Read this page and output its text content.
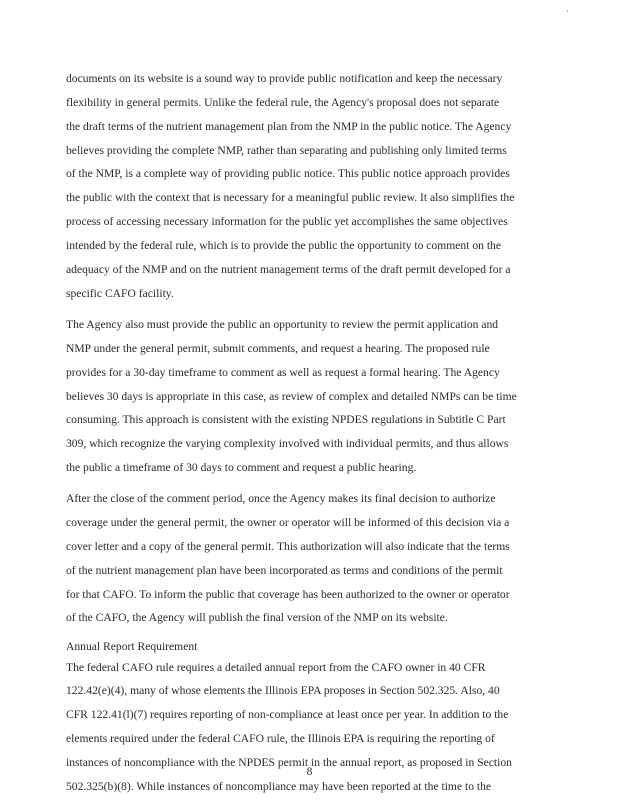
·
documents on its website is a sound way to provide public notification and keep the necessary
flexibility in general permits. Unlike the federal rule, the Agency's proposal does not separate
the draft terms of the nutrient management plan from the NMP in the public notice. The Agency
believes providing the complete NMP, rather than separating and publishing only limited terms
of the NMP, is a complete way of providing public notice. This public notice approach provides
the public with the context that is necessary for a meaningful public review. It also simplifies the
process of accessing necessary information for the public yet accomplishes the same objectives
intended by the federal rule, which is to provide the public the opportunity to comment on the
adequacy of the NMP and on the nutrient management terms of the draft permit developed for a
specific CAFO facility.
The Agency also must provide the public an opportunity to review the permit application and
NMP under the general permit, submit comments, and request a hearing. The proposed rule
provides for a 30-day timeframe to comment as well as request a formal hearing. The Agency
believes 30 days is appropriate in this case, as review of complex and detailed NMPs can be time
consuming. This approach is consistent with the existing NPDES regulations in Subtitle C Part
309, which recognize the varying complexity involved with individual permits, and thus allows
the public a timeframe of 30 days to comment and request a public hearing.
After the close of the comment period, once the Agency makes its final decision to authorize
coverage under the general permit, the owner or operator will be informed of this decision via a
cover letter and a copy of the general permit. This authorization will also indicate that the terms
of the nutrient management plan have been incorporated as terms and conditions of the permit
for that CAFO. To inform the public that coverage has been authorized to the owner or operator
of the CAFO, the Agency will publish the final version of the NMP on its website.
Annual Report Requirement
The federal CAFO rule requires a detailed annual report from the CAFO owner in 40 CFR
122.42(e)(4), many of whose elements the Illinois EPA proposes in Section 502.325. Also, 40
CFR 122.41(l)(7) requires reporting of non-compliance at least once per year. In addition to the
elements required under the federal CAFO rule, the Illinois EPA is requiring the reporting of
instances of noncompliance with the NPDES permit in the annual report, as proposed in Section
502.325(b)(8). While instances of noncompliance may have been reported at the time to the
8
